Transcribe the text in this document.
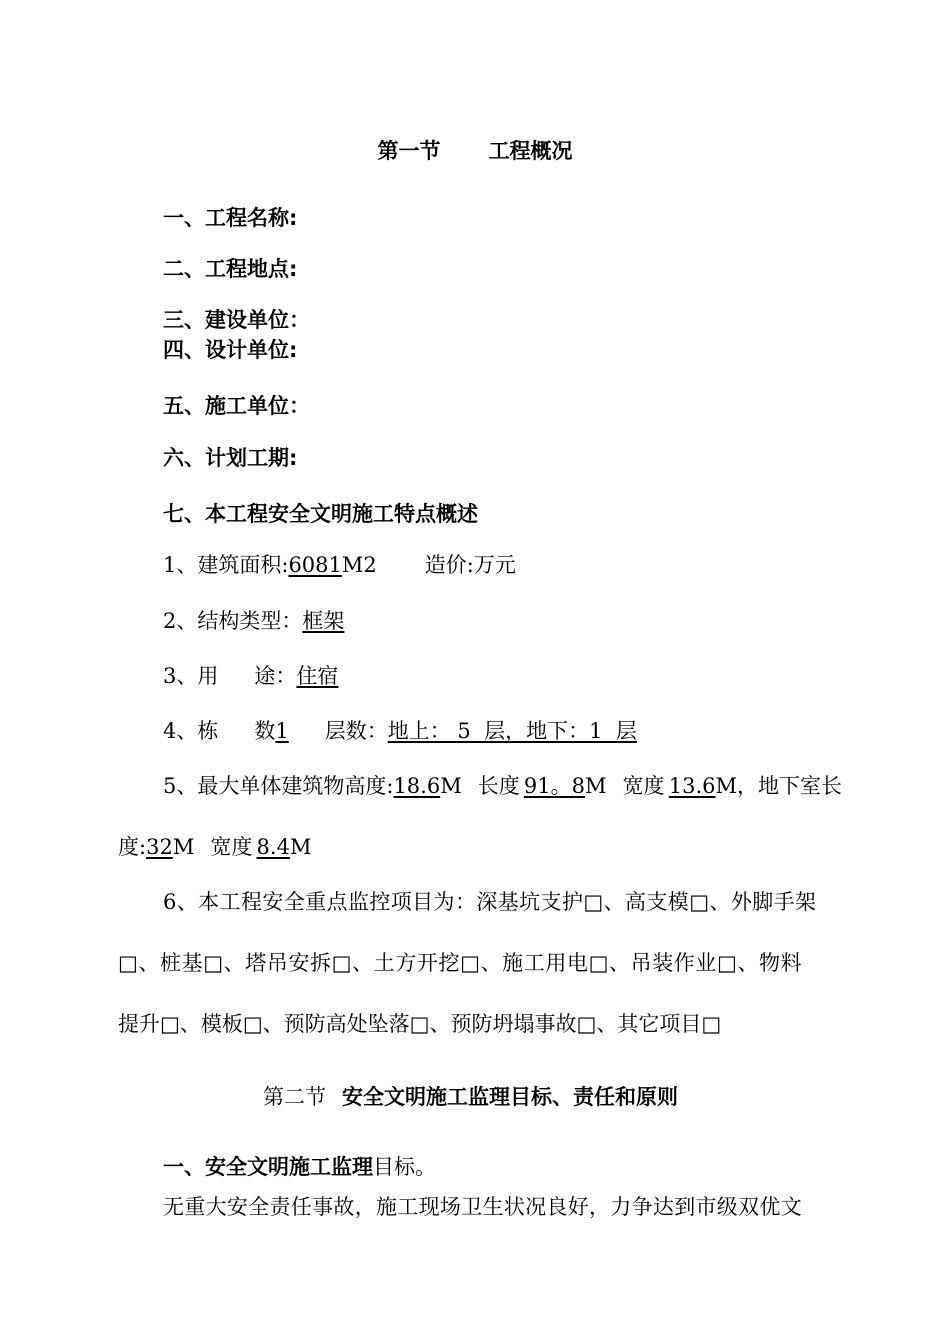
第一节 工程概况
一、工程名称:
二、工程地点:
三、建设单位：
四、设计单位:
五、施工单位：
六、计划工期:
七、本工程安全文明施工特点概述
1、建筑面积:6081M2 造价:万元
2、结构类型：框架
3、用 途：住宿
4、栋 数1 层数：地上： 5  层，地下：1  层
5、最大单体建筑物高度:18.6M 长度  91。8M 宽度  13.6M，地下室长
度:32M 宽度  8.4M
6、本工程安全重点监控项目为：深基坑支护□、高支模□、外脚手架
□、桩基□、塔吊安拆□、土方开挖□、施工用电□、吊装作业□、物料
提升□、模板□、预防高处坠落□、预防坍塌事故□、其它项目□
第二节 安全文明施工监理目标、责任和原则
一、安全文明施工监理目标。
无重大安全责任事故，施工现场卫生状况良好，力争达到市级双优文
